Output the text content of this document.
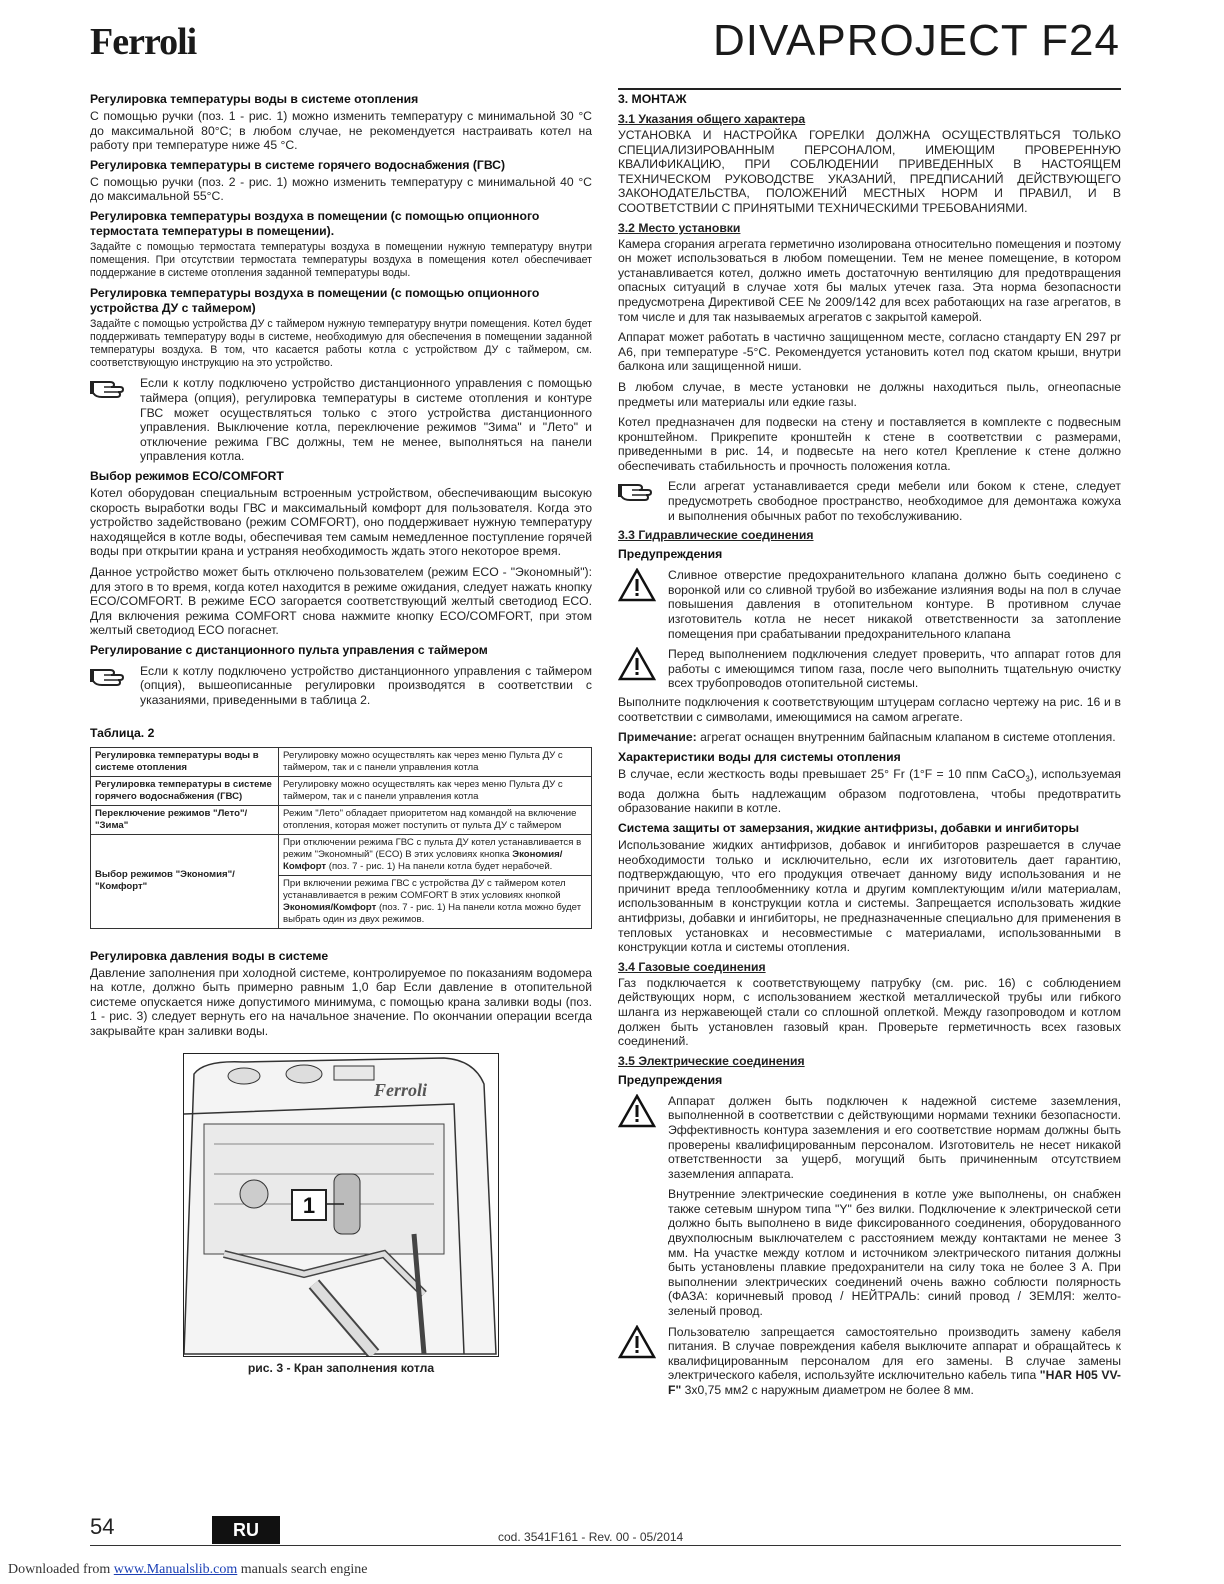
Ferroli	DIVAPROJECT F24
Регулировка температуры воды в системе отопления
С помощью ручки (поз. 1 - рис. 1) можно изменить температуру с минимальной 30 °С до максимальной 80°С; в любом случае, не рекомендуется настраивать котел на работу при температуре ниже 45 °С.
Регулировка температуры в системе горячего водоснабжения (ГВС)
С помощью ручки (поз. 2 - рис. 1) можно изменить температуру с минимальной 40 °С до максимальной 55°С.
Регулировка температуры воздуха в помещении (с помощью опционного термостата температуры в помещении).
Задайте с помощью термостата температуры воздуха в помещении нужную температуру внутри помещения. При отсутствии термостата температуры воздуха в помещения котел обеспечивает поддержание в системе отопления заданной температуры воды.
Регулировка температуры воздуха в помещении (с помощью опционного устройства ДУ с таймером)
Задайте с помощью устройства ДУ с таймером нужную температуру внутри помещения. Котел будет поддерживать температуру воды в системе, необходимую для обеспечения в помещении заданной температуры воздуха. В том, что касается работы котла с устройством ДУ с таймером, см. соответствующую инструкцию на это устройство.
Если к котлу подключено устройство дистанционного управления с помощью таймера (опция), регулировка температуры в системе отопления и контуре ГВС может осуществляться только с этого устройства дистанционного управления. Выключение котла, переключение режимов "Зима" и "Лето" и отключение режима ГВС должны, тем не менее, выполняться на панели управления котла.
Выбор режимов ECO/COMFORT
Котел оборудован специальным встроенным устройством, обеспечивающим высокую скорость выработки воды ГВС и максимальный комфорт для пользователя. Когда это устройство задействовано (режим COMFORT), оно поддерживает нужную температуру находящейся в котле воды, обеспечивая тем самым немедленное поступление горячей воды при открытии крана и устраняя необходимость ждать этого некоторое время.
Данное устройство может быть отключено пользователем (режим ECO - "Экономный"): для этого в то время, когда котел находится в режиме ожидания, следует нажать кнопку ECO/COMFORT. В режиме ECO загорается соответствующий желтый светодиод ECO. Для включения режима COMFORT снова нажмите кнопку ECO/COMFORT, при этом желтый светодиод ECO погаснет.
Регулирование с дистанционного пульта управления с таймером
Если к котлу подключено устройство дистанционного управления с таймером (опция), вышеописанные регулировки производятся в соответствии с указаниями, приведенными в таблица 2.
Таблица. 2
Регулировка температуры воды в системе отопления	Регулировку можно осуществлять как через меню Пульта ДУ с таймером, так и с панели управления котла
Регулировка температуры в системе горячего водоснабжения (ГВС)	Регулировку можно осуществлять как через меню Пульта ДУ с таймером, так и с панели управления котла
Переключение режимов "Лето"/ "Зима"	Режим "Лето" обладает приоритетом над командой на включение отопления, которая может поступить от пульта ДУ с таймером
Выбор режимов "Экономия"/ "Комфорт"	При отключении режима ГВС с пульта ДУ котел устанавливается в режим "Экономный" (ECO) В этих условиях кнопка Экономия/ Комфорт (поз. 7 - рис. 1) На панели котла будет нерабочей.
	При включении режима ГВС с устройства ДУ с таймером котел устанавливается в режим COMFORT В этих условиях кнопкой Экономия/Комфорт (поз. 7 - рис. 1) На панели котла можно будет выбрать один из двух режимов.
Регулировка давления воды в системе
Давление заполнения при холодной системе, контролируемое по показаниям водомера на котле, должно быть примерно равным 1,0 бар Если давление в отопительной системе опускается ниже допустимого минимума, с помощью крана заливки воды (поз. 1 - рис. 3) следует вернуть его на начальное значение. По окончании операции всегда закрывайте кран заливки воды.
Ferroli
1
рис. 3 - Кран заполнения котла
3. МОНТАЖ
3.1 Указания общего характера
УСТАНОВКА И НАСТРОЙКА ГОРЕЛКИ ДОЛЖНА ОСУЩЕСТВЛЯТЬСЯ ТОЛЬКО СПЕЦИАЛИЗИРОВАННЫМ ПЕРСОНАЛОМ, ИМЕЮЩИМ ПРОВЕРЕННУЮ КВАЛИФИКАЦИЮ, ПРИ СОБЛЮДЕНИИ ПРИВЕДЕННЫХ В НАСТОЯЩЕМ ТЕХНИЧЕСКОМ РУКОВОДСТВЕ УКАЗАНИЙ, ПРЕДПИСАНИЙ ДЕЙСТВУЮЩЕГО ЗАКОНОДАТЕЛЬСТВА, ПОЛОЖЕНИЙ МЕСТНЫХ НОРМ И ПРАВИЛ, И В СООТВЕТСТВИИ С ПРИНЯТЫМИ ТЕХНИЧЕСКИМИ ТРЕБОВАНИЯМИ.
3.2 Место установки
Камера сгорания агрегата герметично изолирована относительно помещения и поэтому он может использоваться в любом помещении. Тем не менее помещение, в котором устанавливается котел, должно иметь достаточную вентиляцию для предотвращения опасных ситуаций в случае хотя бы малых утечек газа. Эта норма безопасности предусмотрена Директивой СЕЕ № 2009/142 для всех работающих на газе агрегатов, в том числе и для так называемых агрегатов с закрытой камерой.
Аппарат может работать в частично защищенном месте, согласно стандарту EN 297 pr A6, при температуре -5°С. Рекомендуется установить котел под скатом крыши, внутри балкона или защищенной ниши.
В любом случае, в месте установки не должны находиться пыль, огнеопасные предметы или материалы или едкие газы.
Котел предназначен для подвески на стену и поставляется в комплекте с подвесным кронштейном. Прикрепите кронштейн к стене в соответствии с размерами, приведенными в рис. 14, и подвесьте на него котел Крепление к стене должно обеспечивать стабильность и прочность положения котла.
Если агрегат устанавливается среди мебели или боком к стене, следует предусмотреть свободное пространство, необходимое для демонтажа кожуха и выполнения обычных работ по техобслуживанию.
3.3 Гидравлические соединения
Предупреждения
Сливное отверстие предохранительного клапана должно быть соединено с воронкой или со сливной трубой во избежание излияния воды на пол в случае повышения давления в отопительном контуре. В противном случае изготовитель котла не несет никакой ответственности за затопление помещения при срабатывании предохранительного клапана
Перед выполнением подключения следует проверить, что аппарат готов для работы с имеющимся типом газа, после чего выполнить тщательную очистку всех трубопроводов отопительной системы.
Выполните подключения к соответствующим штуцерам согласно чертежу на рис. 16 и в соответствии с символами, имеющимися на самом агрегате.
Примечание: агрегат оснащен внутренним байпасным клапаном в системе отопления.
Характеристики воды для системы отопления
В случае, если жесткость воды превышает 25° Fr (1°F = 10 ппм CaCO$_3$), используемая вода должна быть надлежащим образом подготовлена, чтобы предотвратить образование накипи в котле.
Система защиты от замерзания, жидкие антифризы, добавки и ингибиторы
Использование жидких антифризов, добавок и ингибиторов разрешается в случае необходимости только и исключительно, если их изготовитель дает гарантию, подтверждающую, что его продукция отвечает данному виду использования и не причинит вреда теплообменнику котла и другим комплектующим и/или материалам, использованным в конструкции котла и системы. Запрещается использовать жидкие антифризы, добавки и ингибиторы, не предназначенные специально для применения в тепловых установках и несовместимые с материалами, использованными в конструкции котла и системы отопления.
3.4 Газовые соединения
Газ подключается к соответствующему патрубку (см. рис. 16) с соблюдением действующих норм, с использованием жесткой металлической трубы или гибкого шланга из нержавеющей стали со сплошной оплеткой. Между газопроводом и котлом должен быть установлен газовый кран. Проверьте герметичность всех газовых соединений.
3.5 Электрические соединения
Предупреждения
Аппарат должен быть подключен к надежной системе заземления, выполненной в соответствии с действующими нормами техники безопасности. Эффективность контура заземления и его соответствие нормам должны быть проверены квалифицированным персоналом. Изготовитель не несет никакой ответственности за ущерб, могущий быть причиненным отсутствием заземления аппарата.
Внутренние электрические соединения в котле уже выполнены, он снабжен также сетевым шнуром типа "Y" без вилки. Подключение к электрической сети должно быть выполнено в виде фиксированного соединения, оборудованного двухполюсным выключателем с расстоянием между контактами не менее 3 мм. На участке между котлом и источником электрического питания должны быть установлены плавкие предохранители на силу тока не более 3 А. При выполнении электрических соединений очень важно соблюсти полярность (ФАЗА: коричневый провод / НЕЙТРАЛЬ: синий провод / ЗЕМЛЯ: желто-зеленый провод.
Пользователю запрещается самостоятельно производить замену кабеля питания. В случае повреждения кабеля выключите аппарат и обращайтесь к квалифицированным персоналом для его замены. В случае замены электрического кабеля, используйте исключительно кабель типа "HAR H05 VV-F" 3x0,75 мм2 с наружным диаметром не более 8 мм.
54	RU	cod. 3541F161 - Rev. 00 - 05/2014
Downloaded from www.Manualslib.com manuals search engine
